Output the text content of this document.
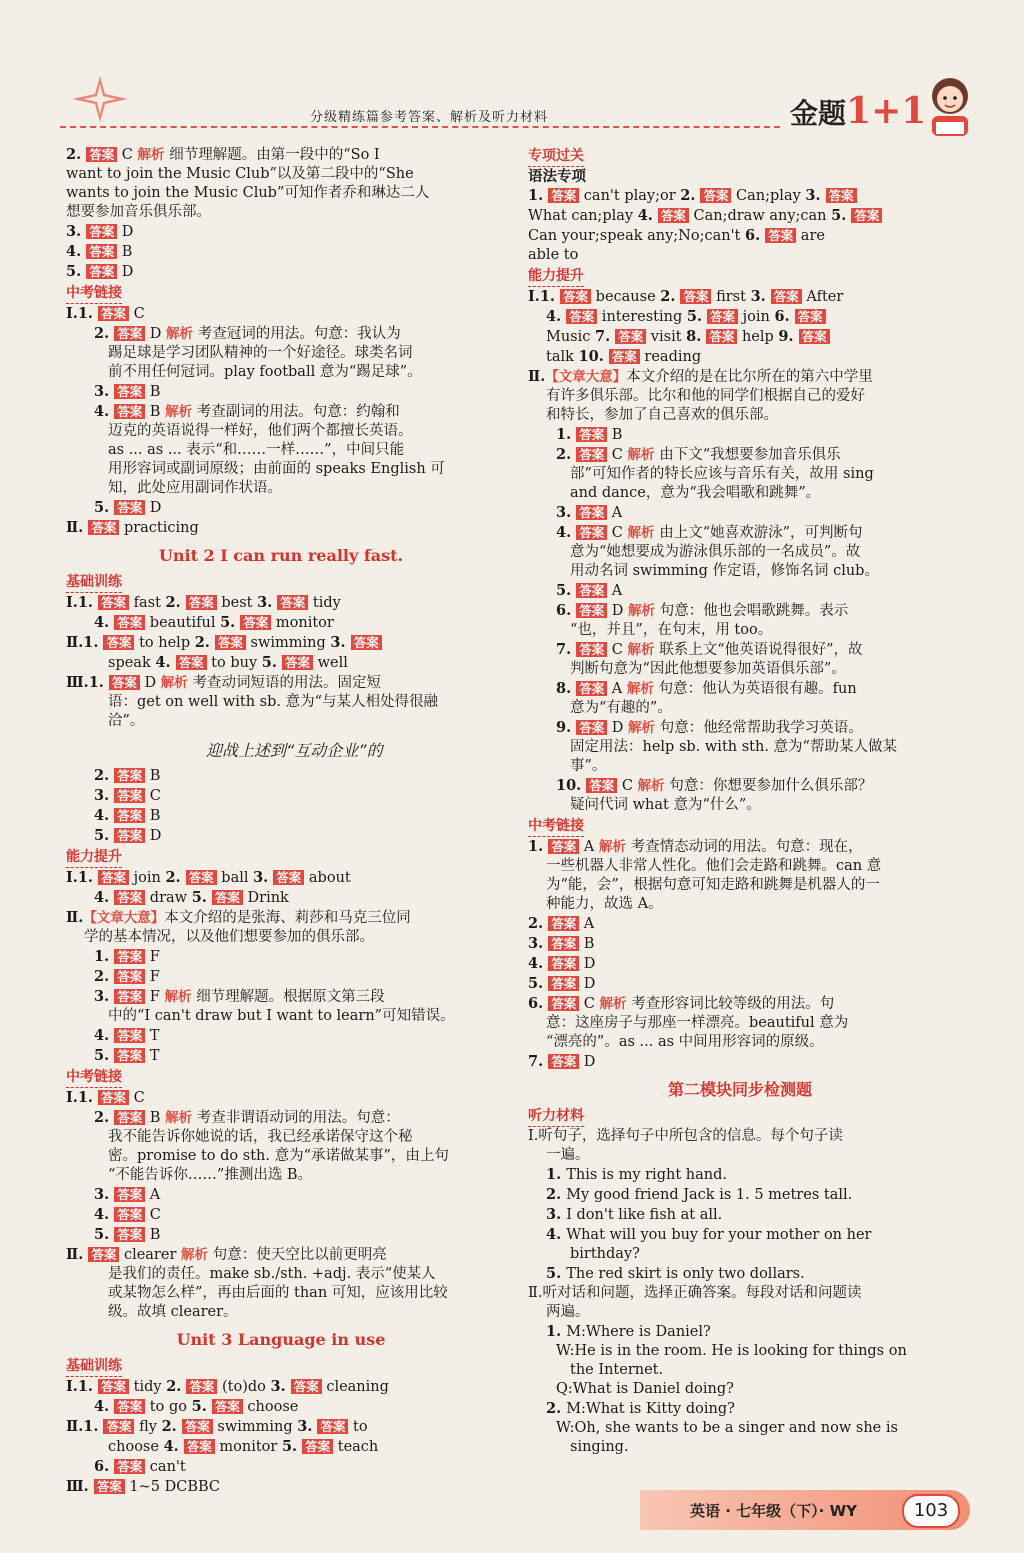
分级精练篇参考答案、解析及听力材料	金题1+1
2. 答案 C 解析 细节理解题。由第一段中的“So I
want to join the Music Club”以及第二段中的“She
wants to join the Music Club”可知作者乔和琳达二人
想要参加音乐俱乐部。
3. 答案 D
4. 答案 B
5. 答案 D
中考链接

Ⅰ.1. 答案 C
2. 答案 D 解析 考查冠词的用法。句意：我认为
踢足球是学习团队精神的一个好途径。球类名词
前不用任何冠词。play football 意为“踢足球”。
3. 答案 B
4. 答案 B 解析 考查副词的用法。句意：约翰和
迈克的英语说得一样好，他们两个都擅长英语。
as ... as ... 表示“和……一样……”，中间只能
用形容词或副词原级；由前面的 speaks English 可
知，此处应用副词作状语。
5. 答案 D
Ⅱ. 答案 practicing
Unit 2 I can run really fast.
基础训练

Ⅰ.1. 答案 fast 2. 答案 best 3. 答案 tidy
4. 答案 beautiful 5. 答案 monitor
Ⅱ.1. 答案 to help 2. 答案 swimming 3. 答案
speak 4. 答案 to buy 5. 答案 well
Ⅲ.1. 答案 D 解析 考查动词短语的用法。固定短
语：get on well with sb. 意为“与某人相处得很融
洽”。
迎战上述到“互动企业”的
2. 答案 B
3. 答案 C
4. 答案 B
5. 答案 D
能力提升

Ⅰ.1. 答案 join 2. 答案 ball 3. 答案 about
4. 答案 draw 5. 答案 Drink
Ⅱ.【文章大意】本文介绍的是张海、莉莎和马克三位同
学的基本情况，以及他们想要参加的俱乐部。
1. 答案 F
2. 答案 F
3. 答案 F 解析 细节理解题。根据原文第三段
中的“I can't draw but I want to learn”可知错误。
4. 答案 T
5. 答案 T
中考链接

Ⅰ.1. 答案 C
2. 答案 B 解析 考查非谓语动词的用法。句意：
我不能告诉你她说的话，我已经承诺保守这个秘
密。promise to do sth. 意为“承诺做某事”，由上句
“不能告诉你……”推测出选 B。
3. 答案 A
4. 答案 C
5. 答案 B
Ⅱ. 答案 clearer 解析 句意：使天空比以前更明亮
是我们的责任。make sb./sth. +adj. 表示“使某人
或某物怎么样”，再由后面的 than 可知，应该用比较
级。故填 clearer。
Unit 3 Language in use
基础训练

Ⅰ.1. 答案 tidy 2. 答案 (to)do 3. 答案 cleaning
4. 答案 to go 5. 答案 choose
Ⅱ.1. 答案 fly 2. 答案 swimming 3. 答案 to
choose 4. 答案 monitor 5. 答案 teach
6. 答案 can't
Ⅲ. 答案 1~5 DCBBC
专项过关

语法专项
1. 答案 can't play;or 2. 答案 Can;play 3. 答案
What can;play 4. 答案 Can;draw any;can 5. 答案
Can your;speak any;No;can't 6. 答案 are
able to
能力提升

Ⅰ.1. 答案 because 2. 答案 first 3. 答案 After
4. 答案 interesting 5. 答案 join 6. 答案
Music 7. 答案 visit 8. 答案 help 9. 答案
talk 10. 答案 reading
Ⅱ.【文章大意】本文介绍的是在比尔所在的第六中学里
有许多俱乐部。比尔和他的同学们根据自己的爱好
和特长，参加了自己喜欢的俱乐部。
1. 答案 B
2. 答案 C 解析 由下文“我想要参加音乐俱乐
部”可知作者的特长应该与音乐有关，故用 sing
and dance，意为“我会唱歌和跳舞”。
3. 答案 A
4. 答案 C 解析 由上文“她喜欢游泳”，可判断句
意为“她想要成为游泳俱乐部的一名成员”。故
用动名词 swimming 作定语，修饰名词 club。
5. 答案 A
6. 答案 D 解析 句意：他也会唱歌跳舞。表示
“也，并且”，在句末，用 too。
7. 答案 C 解析 联系上文“他英语说得很好”，故
判断句意为“因此他想要参加英语俱乐部”。
8. 答案 A 解析 句意：他认为英语很有趣。fun
意为“有趣的”。
9. 答案 D 解析 句意：他经常帮助我学习英语。
固定用法：help sb. with sth. 意为“帮助某人做某
事”。
10. 答案 C 解析 句意：你想要参加什么俱乐部？
疑问代词 what 意为“什么”。
中考链接

1. 答案 A 解析 考查情态动词的用法。句意：现在，
一些机器人非常人性化。他们会走路和跳舞。can 意
为“能，会”，根据句意可知走路和跳舞是机器人的一
种能力，故选 A。
2. 答案 A
3. 答案 B
4. 答案 D
5. 答案 D
6. 答案 C 解析 考查形容词比较等级的用法。句
意：这座房子与那座一样漂亮。beautiful 意为
“漂亮的”。as ... as 中间用形容词的原级。
7. 答案 D
第二模块同步检测题
听力材料

Ⅰ.听句子，选择句子中所包含的信息。每个句子读
一遍。
1. This is my right hand.
2. My good friend Jack is 1. 5 metres tall.
3. I don't like fish at all.
4. What will you buy for your mother on her
birthday?
5. The red skirt is only two dollars.
Ⅱ.听对话和问题，选择正确答案。每段对话和问题读
两遍。
1. M:Where is Daniel?
W:He is in the room. He is looking for things on
the Internet.
Q:What is Daniel doing?
2. M:What is Kitty doing?
W:Oh, she wants to be a singer and now she is
singing.
英语 · 七年级（下）· WY	103
